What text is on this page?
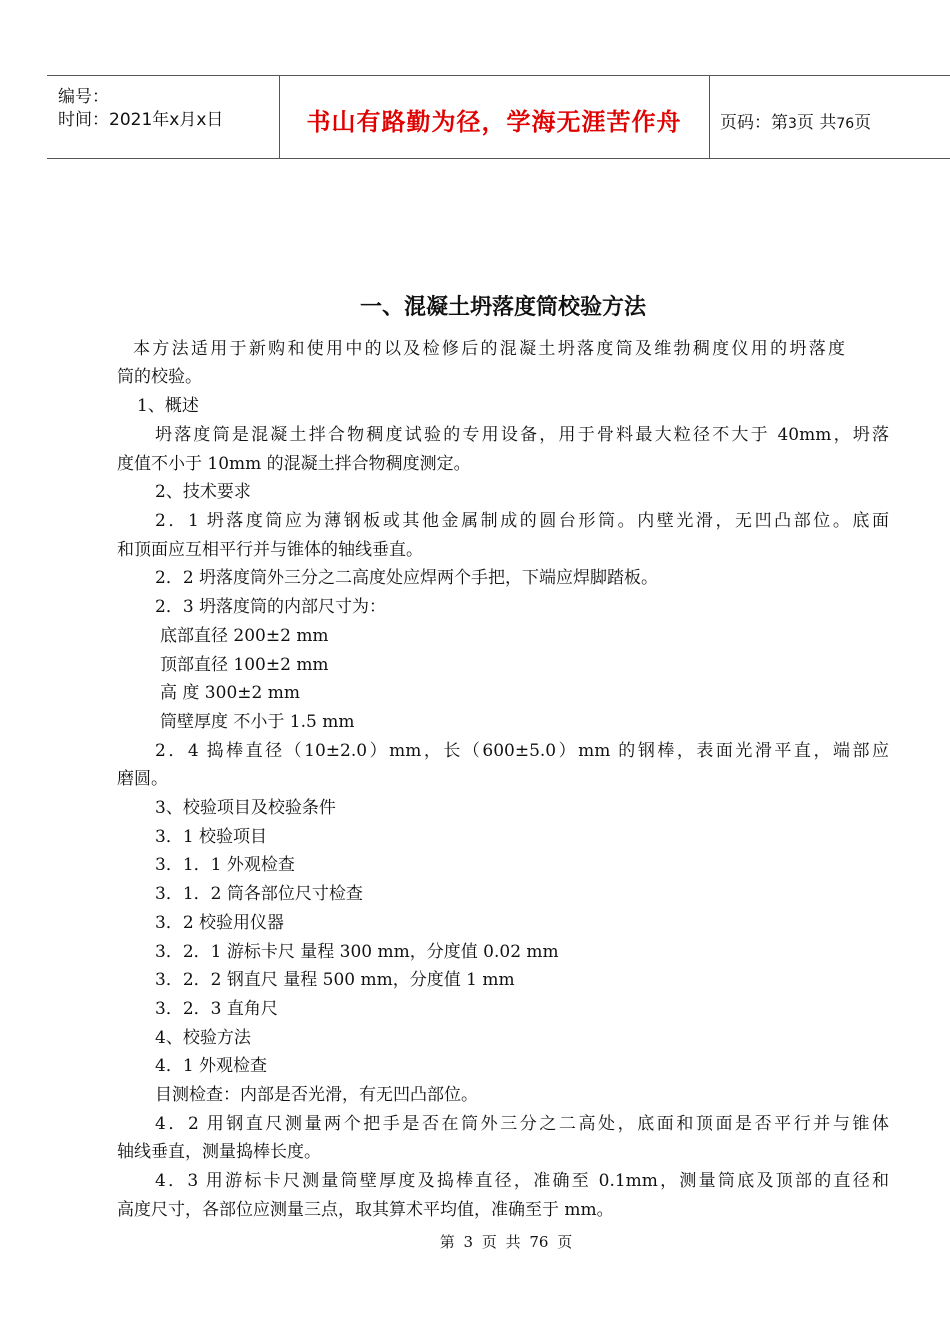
编号：
时间：2021年x月x日	书山有路勤为径，学海无涯苦作舟	页码：第3页 共76页
一、混凝土坍落度筒校验方法
本方法适用于新购和使用中的以及检修后的混凝土坍落度筒及维勃稠度仪用的坍落度
筒的校验。
1、概述
坍落度筒是混凝土拌合物稠度试验的专用设备，用于骨料最大粒径不大于 40mm，坍落
度值不小于 10mm 的混凝土拌合物稠度测定。
2、技术要求
2．1 坍落度筒应为薄钢板或其他金属制成的圆台形筒。内壁光滑，无凹凸部位。底面
和顶面应互相平行并与锥体的轴线垂直。
2．2 坍落度筒外三分之二高度处应焊两个手把，下端应焊脚踏板。
2．3 坍落度筒的内部尺寸为：
底部直径 200±2 mm
顶部直径 100±2 mm
高 度 300±2 mm
筒壁厚度 不小于 1.5 mm
2．4 捣棒直径（10±2.0）mm，长（600±5.0）mm 的钢棒，表面光滑平直，端部应
磨圆。
3、校验项目及校验条件
3．1 校验项目
3．1．1 外观检查
3．1．2 筒各部位尺寸检查
3．2 校验用仪器
3．2．1 游标卡尺 量程 300 mm，分度值 0.02 mm
3．2．2 钢直尺 量程 500 mm，分度值 1 mm
3．2．3 直角尺
4、校验方法
4．1 外观检查
目测检查：内部是否光滑，有无凹凸部位。
4．2 用钢直尺测量两个把手是否在筒外三分之二高处，底面和顶面是否平行并与锥体
轴线垂直，测量捣棒长度。
4．3 用游标卡尺测量筒壁厚度及捣棒直径，准确至 0.1mm，测量筒底及顶部的直径和
高度尺寸，各部位应测量三点，取其算术平均值，准确至于 mm。
第 3 页 共 76 页
